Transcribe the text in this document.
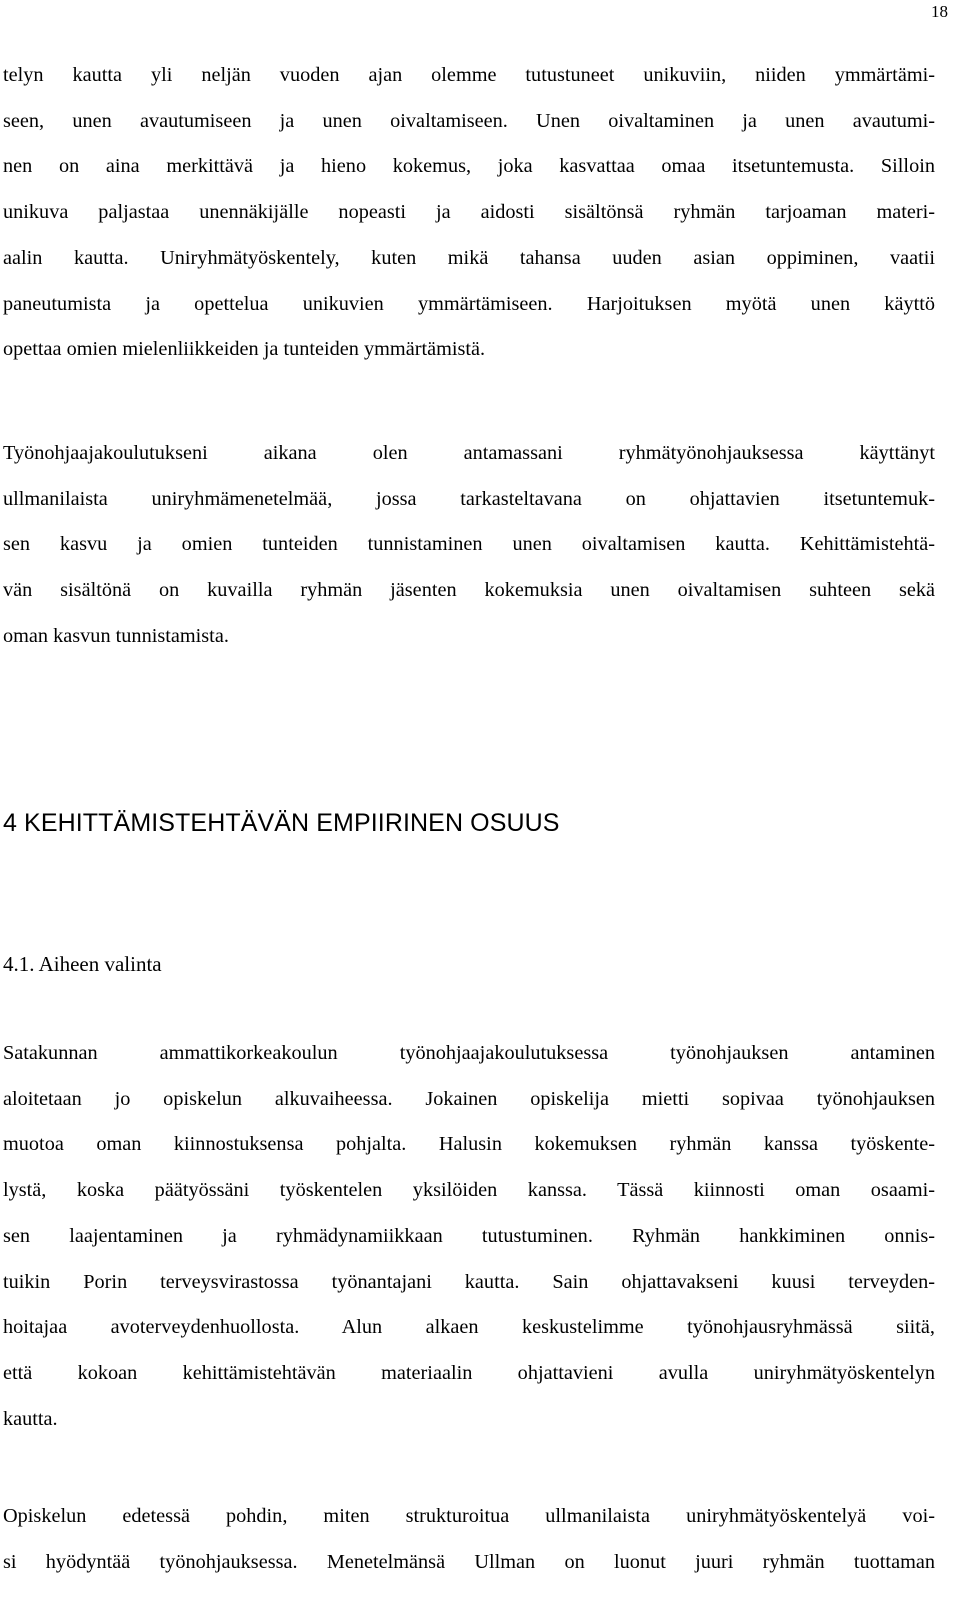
18

telyn kautta yli neljän vuoden ajan olemme tutustuneet unikuviin, niiden ymmärtämi-
seen, unen avautumiseen ja unen oivaltamiseen. Unen oivaltaminen ja unen avautumi-
nen on aina merkittävä ja hieno kokemus, joka kasvattaa omaa itsetuntemusta. Silloin
unikuva paljastaa unennäkijälle nopeasti ja aidosti sisältönsä ryhmän tarjoaman materi-
aalin kautta. Uniryhmätyöskentely, kuten mikä tahansa uuden asian oppiminen, vaatii
paneutumista ja opettelua unikuvien ymmärtämiseen. Harjoituksen myötä unen käyttö
opettaa omien mielenliikkeiden ja tunteiden ymmärtämistä.

Työnohjaajakoulutukseni aikana olen antamassani ryhmätyönohjauksessa käyttänyt
ullmanilaista uniryhmämenetelmää, jossa tarkasteltavana on ohjattavien itsetuntemuk-
sen kasvu ja omien tunteiden tunnistaminen unen oivaltamisen kautta. Kehittämistehtä-
vän sisältönä on kuvailla ryhmän jäsenten kokemuksia unen oivaltamisen suhteen sekä
oman kasvun tunnistamista.

4 KEHITTÄMISTEHTÄVÄN EMPIIRINEN OSUUS
4.1. Aiheen valinta

Satakunnan ammattikorkeakoulun työnohjaajakoulutuksessa työnohjauksen antaminen
aloitetaan jo opiskelun alkuvaiheessa. Jokainen opiskelija mietti sopivaa työnohjauksen
muotoa oman kiinnostuksensa pohjalta. Halusin kokemuksen ryhmän kanssa työskente-
lystä, koska päätyössäni työskentelen yksilöiden kanssa. Tässä kiinnosti oman osaami-
sen laajentaminen ja ryhmädynamiikkaan tutustuminen. Ryhmän hankkiminen onnis-
tuikin Porin terveysvirastossa työnantajani kautta. Sain ohjattavakseni kuusi terveyden-
hoitajaa avoterveydenhuollosta. Alun alkaen keskustelimme työnohjausryhmässä siitä,
että kokoan kehittämistehtävän materiaalin ohjattavieni avulla uniryhmätyöskentelyn
kautta.

Opiskelun edetessä pohdin, miten strukturoitua ullmanilaista uniryhmätyöskentelyä voi-
si hyödyntää työnohjauksessa. Menetelmänsä Ullman on luonut juuri ryhmän tuottaman
